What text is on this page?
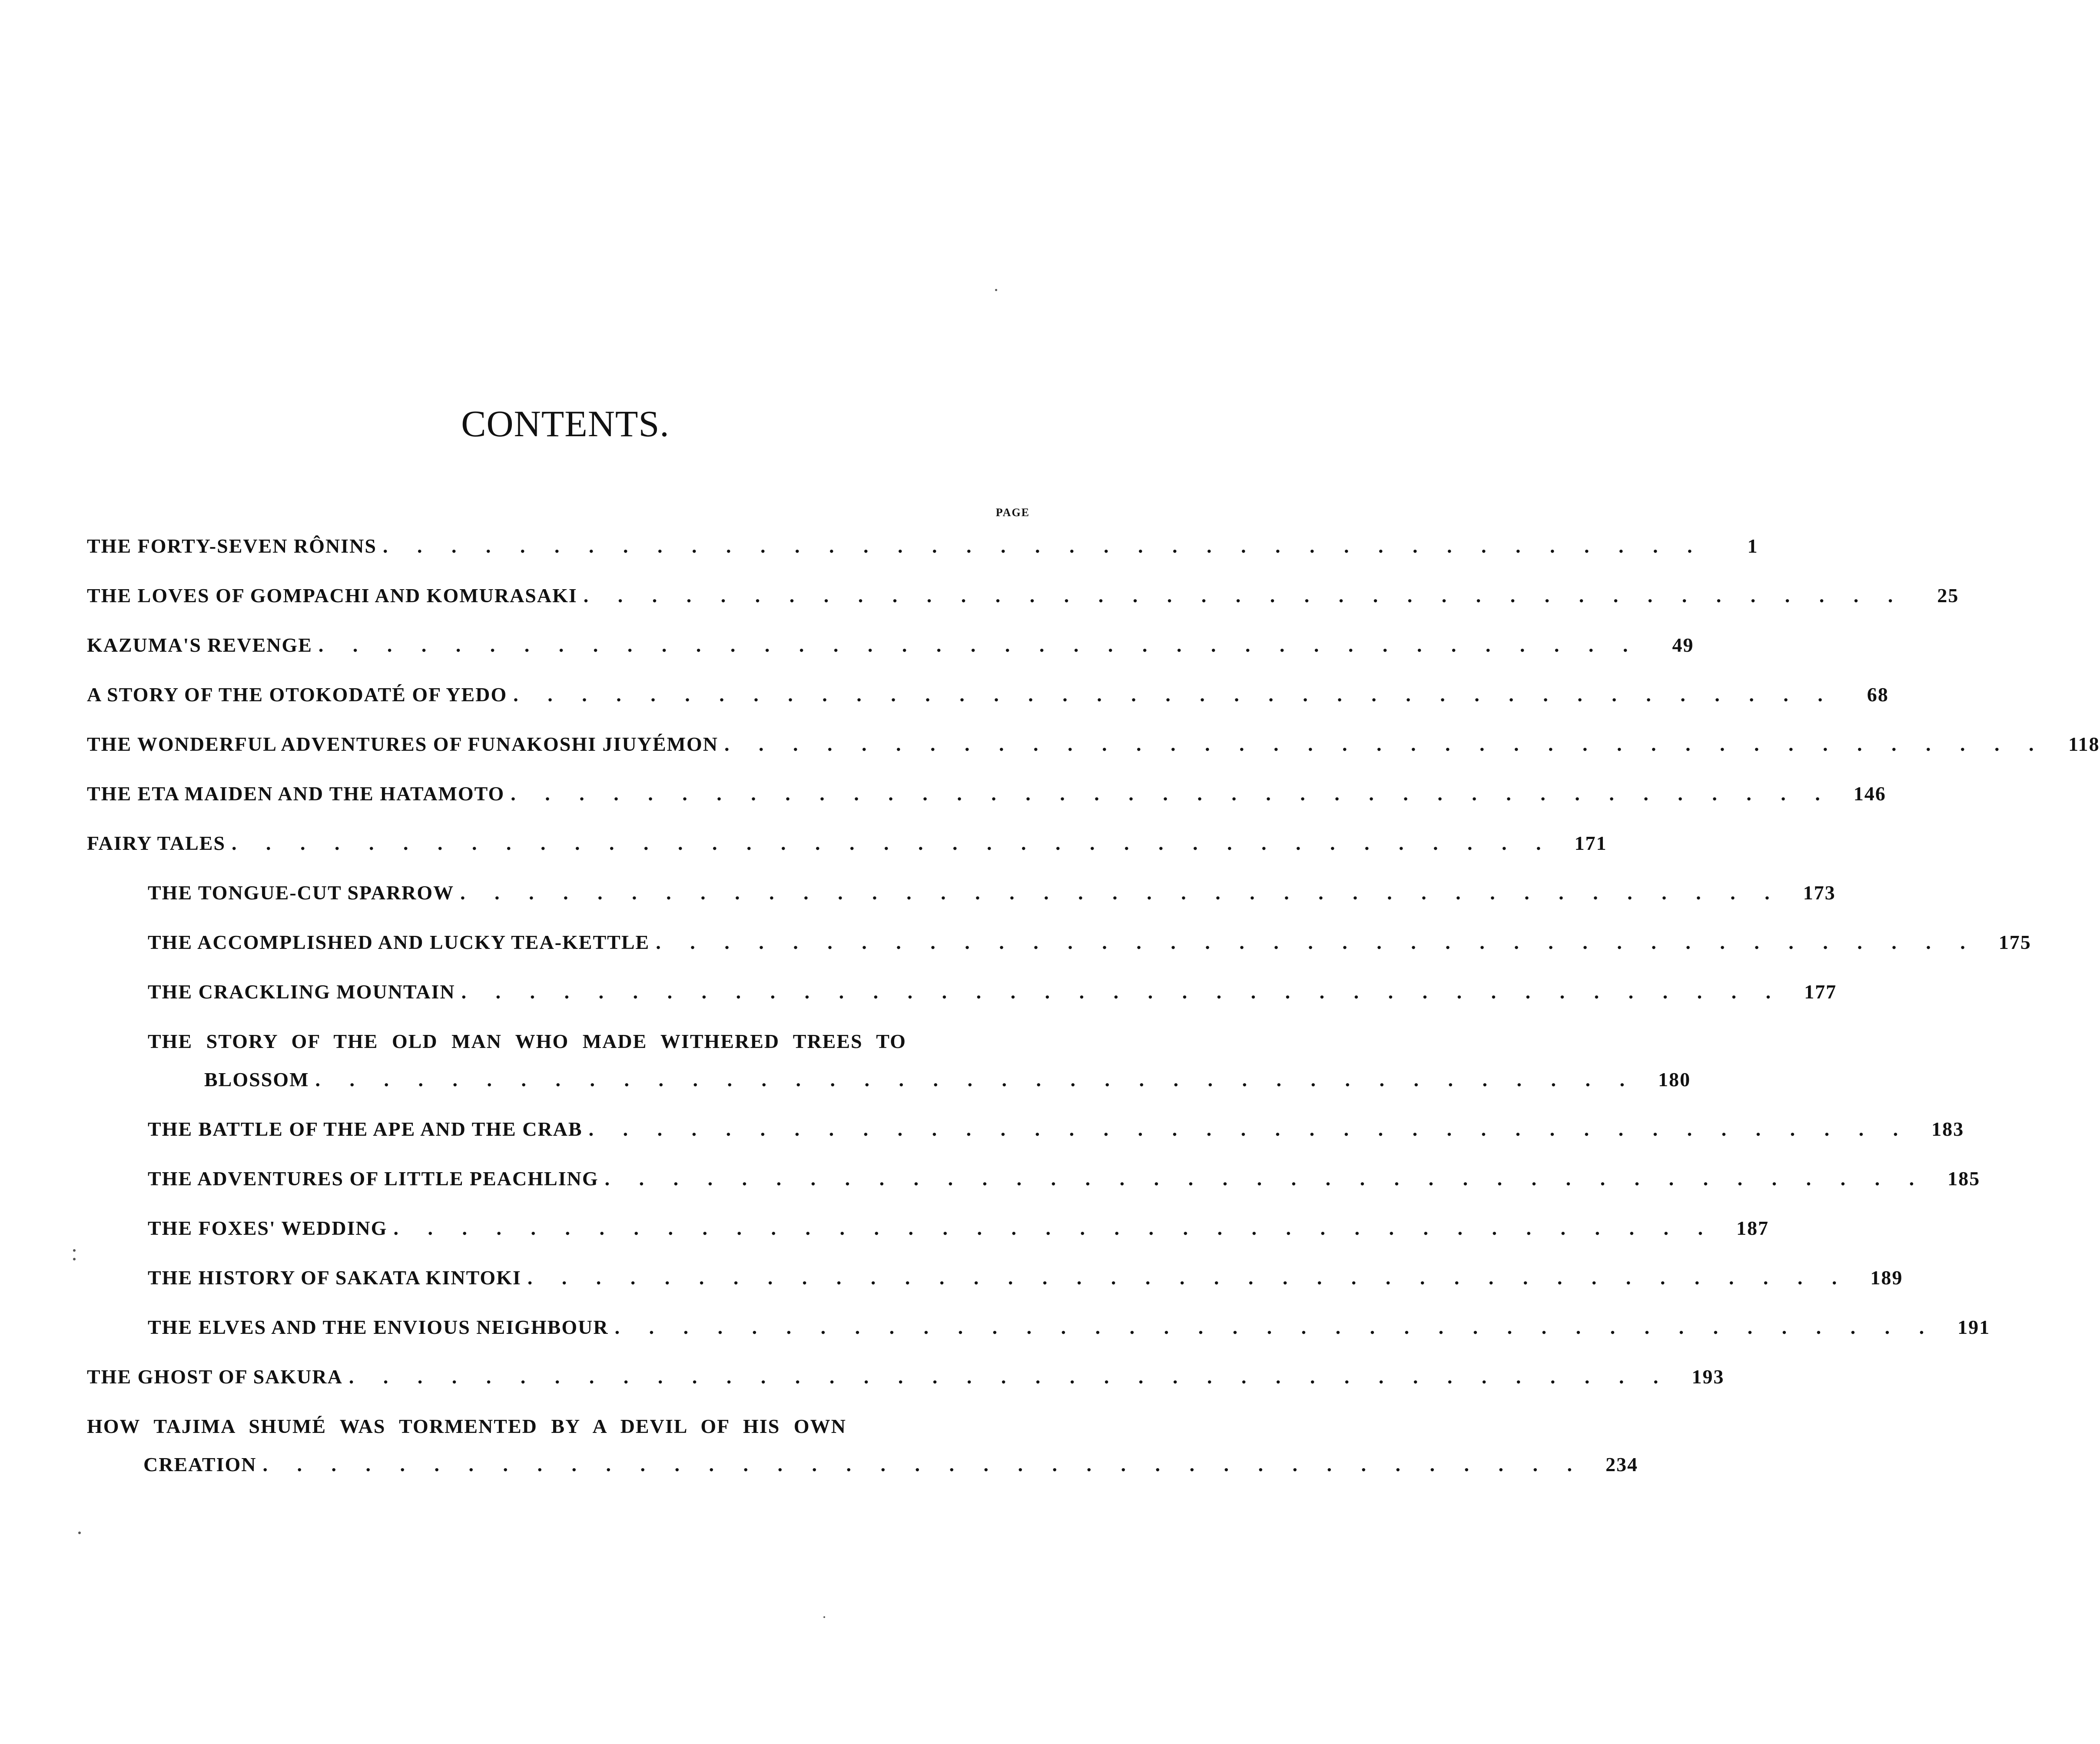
CONTENTS.
PAGE
THE FORTY-SEVEN RÔNINS . . . . . . . . . . . . . . . . . . . . . . . . . . . . . . . . . . . . . . .	1
THE LOVES OF GOMPACHI AND KOMURASAKI . . . . . . . . . . . . . . . . . . . . . . . . . . . . . . . . . . . . . . .	25
KAZUMA'S REVENGE . . . . . . . . . . . . . . . . . . . . . . . . . . . . . . . . . . . . . . .	49
A STORY OF THE OTOKODATÉ OF YEDO . . . . . . . . . . . . . . . . . . . . . . . . . . . . . . . . . . . . . . .	68
THE WONDERFUL ADVENTURES OF FUNAKOSHI JIUYÉMON . . . . . . . . . . . . . . . . . . . . . . . . . . . . . . . . . . . . . . .	118
THE ETA MAIDEN AND THE HATAMOTO . . . . . . . . . . . . . . . . . . . . . . . . . . . . . . . . . . . . . . .	146
FAIRY TALES . . . . . . . . . . . . . . . . . . . . . . . . . . . . . . . . . . . . . . .	171
THE TONGUE-CUT SPARROW . . . . . . . . . . . . . . . . . . . . . . . . . . . . . . . . . . . . . . .	173
THE ACCOMPLISHED AND LUCKY TEA-KETTLE . . . . . . . . . . . . . . . . . . . . . . . . . . . . . . . . . . . . . . .	175
THE CRACKLING MOUNTAIN . . . . . . . . . . . . . . . . . . . . . . . . . . . . . . . . . . . . . . .	177
THE STORY OF THE OLD MAN WHO MADE WITHERED TREES TO
BLOSSOM . . . . . . . . . . . . . . . . . . . . . . . . . . . . . . . . . . . . . . .	180
THE BATTLE OF THE APE AND THE CRAB . . . . . . . . . . . . . . . . . . . . . . . . . . . . . . . . . . . . . . .	183
THE ADVENTURES OF LITTLE PEACHLING . . . . . . . . . . . . . . . . . . . . . . . . . . . . . . . . . . . . . . .	185
THE FOXES' WEDDING . . . . . . . . . . . . . . . . . . . . . . . . . . . . . . . . . . . . . . .	187
THE HISTORY OF SAKATA KINTOKI . . . . . . . . . . . . . . . . . . . . . . . . . . . . . . . . . . . . . . .	189
THE ELVES AND THE ENVIOUS NEIGHBOUR . . . . . . . . . . . . . . . . . . . . . . . . . . . . . . . . . . . . . . .	191
THE GHOST OF SAKURA . . . . . . . . . . . . . . . . . . . . . . . . . . . . . . . . . . . . . . .	193
HOW TAJIMA SHUMÉ WAS TORMENTED BY A DEVIL OF HIS OWN
CREATION . . . . . . . . . . . . . . . . . . . . . . . . . . . . . . . . . . . . . . .	234
